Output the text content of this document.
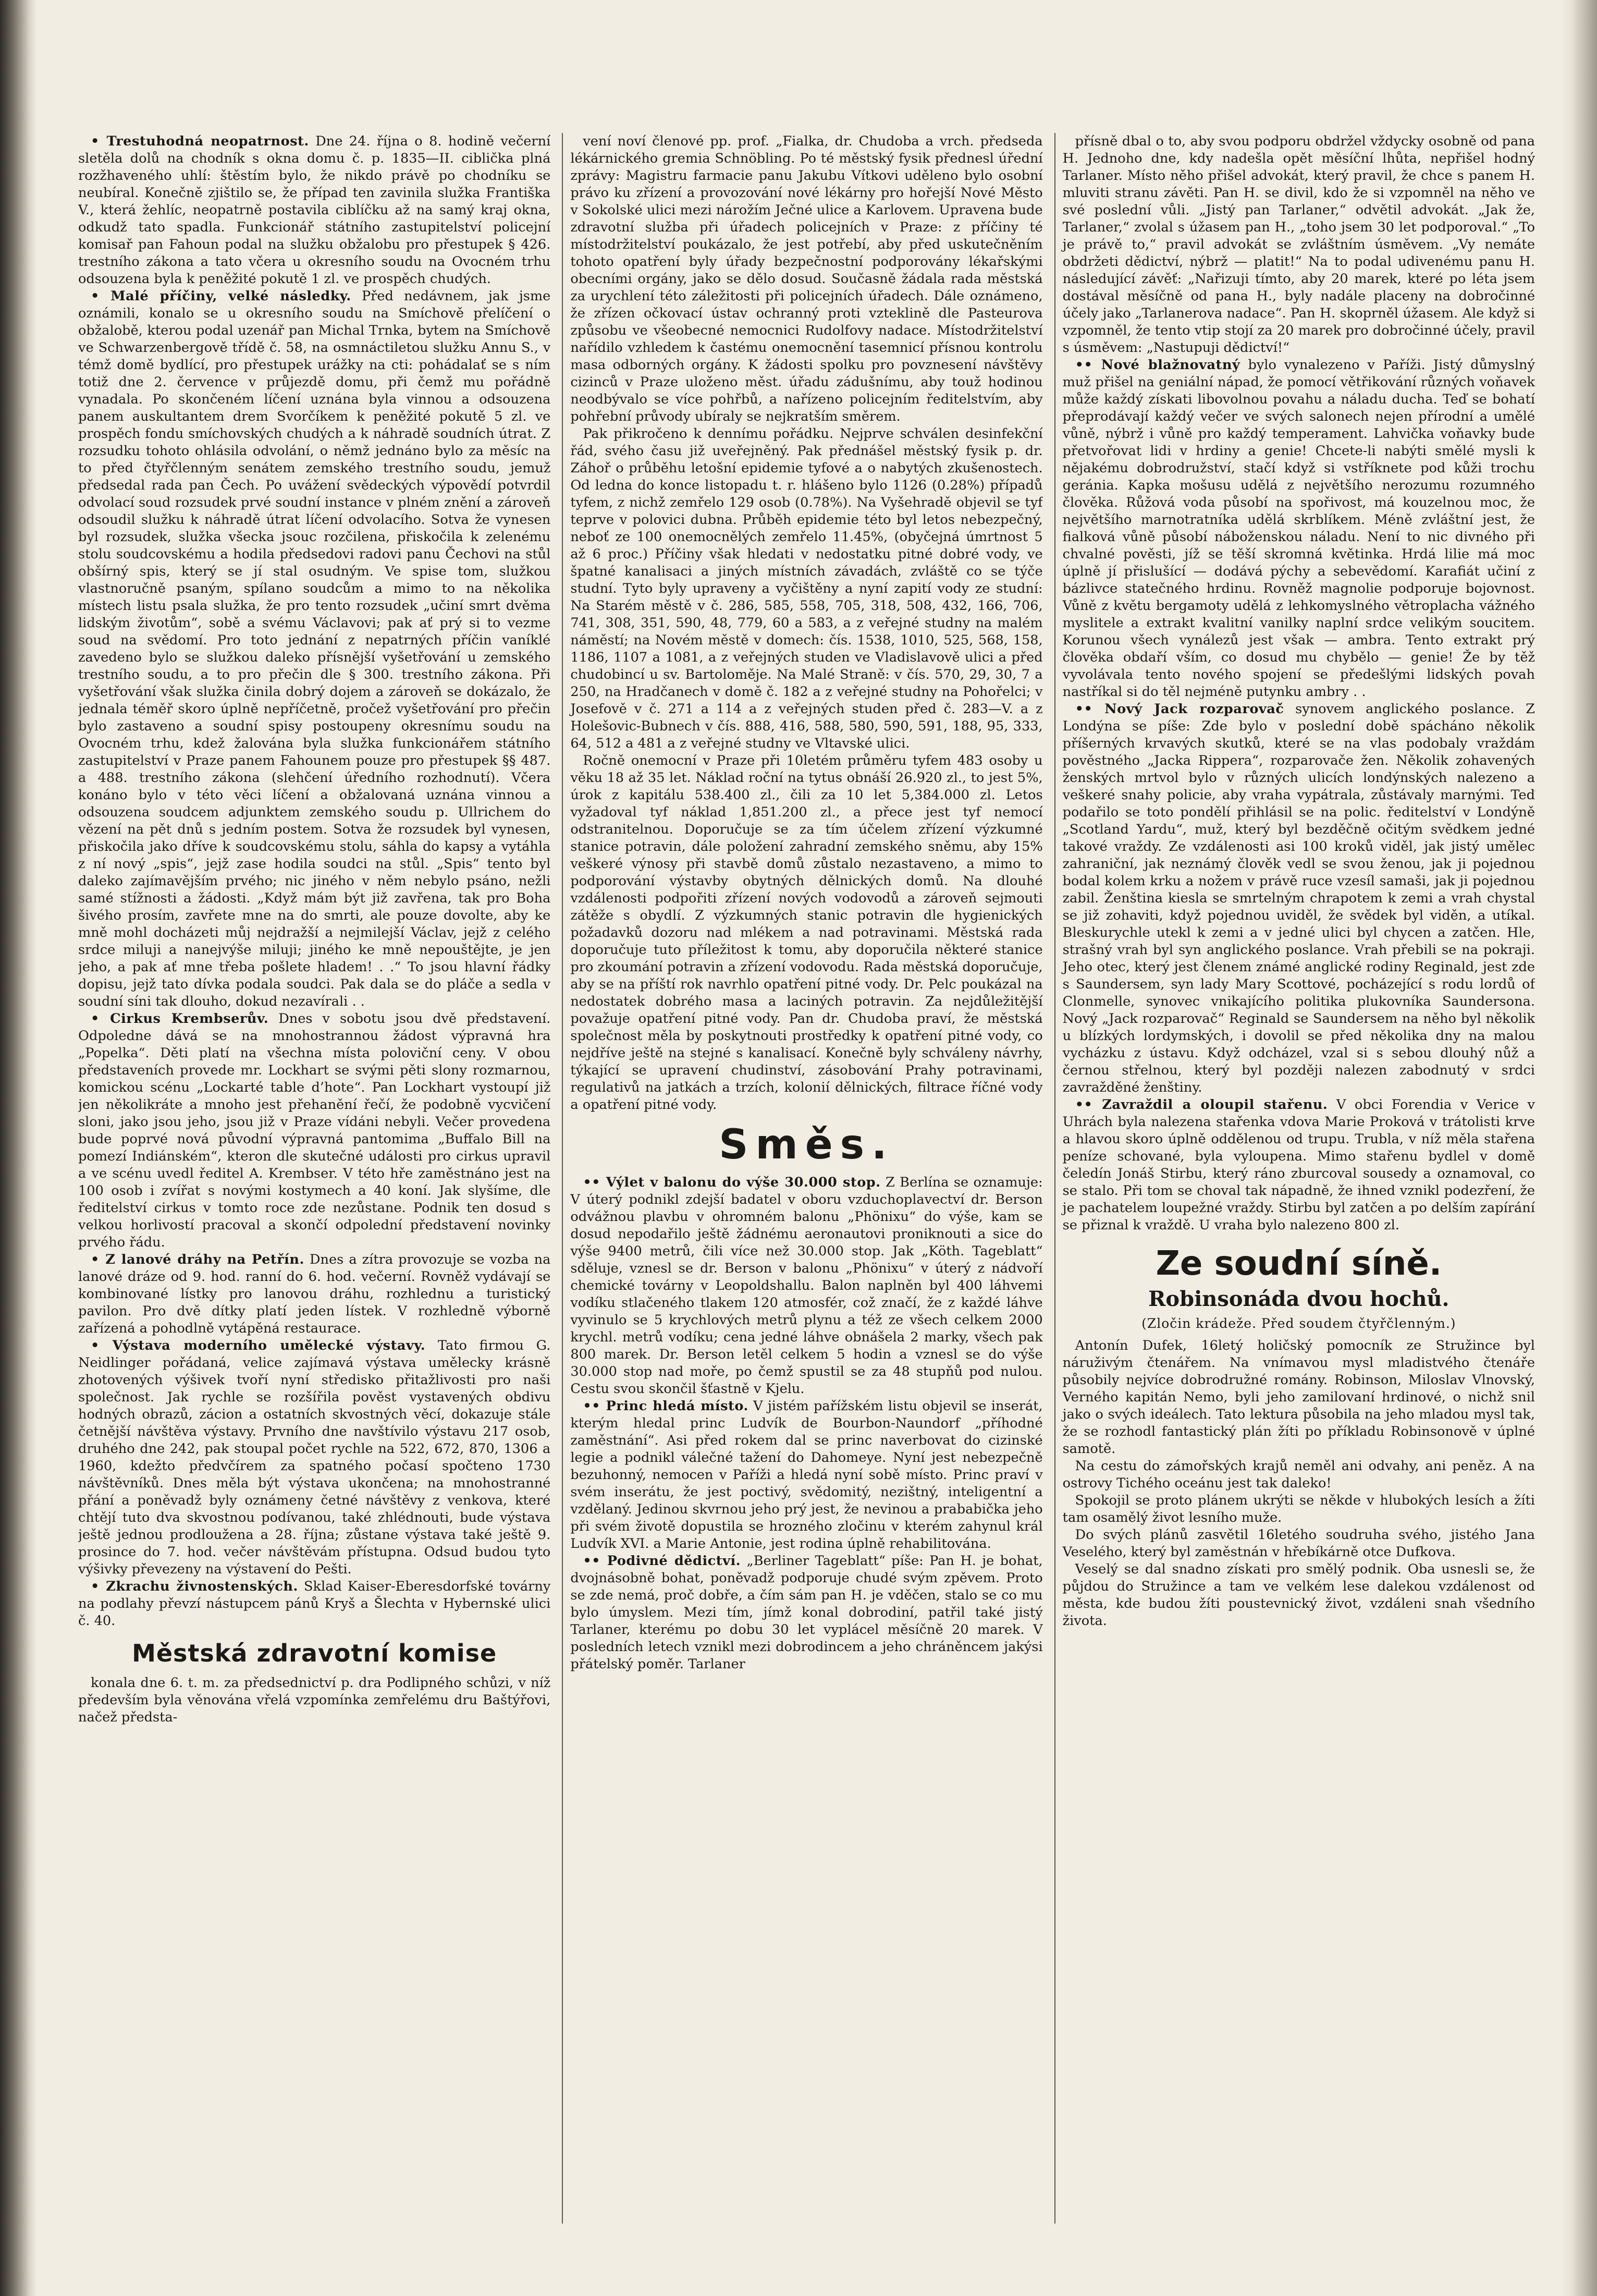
• Trestuhodná neopatrnost. Dne 24. října o 8. hodině večerní sletěla dolů na chodník s okna domu č. p. 1835—II. ciblička plná rozžhaveného uhlí: štěstím bylo, že nikdo právě po chodníku se neubíral. Konečně zjištilo se, že případ ten zavinila služka Františka V., která žehlíc, neopatrně postavila ciblíčku až na samý kraj okna, odkudž tato spadla. Funkcionář státního zastupitelství policejní komisař pan Fahoun podal na služku obžalobu pro přestupek § 426. trestního zákona a tato včera u okresního soudu na Ovocném trhu odsouzena byla k peněžité pokutě 1 zl. ve prospěch chudých.

• Malé příčiny, velké následky. Před nedávnem, jak jsme oznámili, konalo se u okresního soudu na Smíchově přelíčení o obžalobě, kterou podal uzenář pan Michal Trnka, bytem na Smíchově ve Schwarzenbergově třídě č. 58, na osmnáctiletou služku Annu S., v témž domě bydlící, pro přestupek urážky na cti: pohádalať se s ním totiž dne 2. července v průjezdě domu, při čemž mu pořádně vynadala. Po skončeném líčení uznána byla vinnou a odsouzena panem auskultantem drem Svorčíkem k peněžité pokutě 5 zl. ve prospěch fondu smíchovských chudých a k náhradě soudních útrat. Z rozsudku tohoto ohlásila odvolání, o němž jednáno bylo za měsíc na to před čtyřčlenným senátem zemského trestního soudu, jemuž předsedal rada pan Čech. Po uvážení svědeckých výpovědí potvrdil odvolací soud rozsudek prvé soudní instance v plném znění a zároveň odsoudil služku k náhradě útrat líčení odvolacího. Sotva že vynesen byl rozsudek, služka všecka jsouc rozčilena, přiskočila k zelenému stolu soudcovskému a hodila předsedovi radovi panu Čechovi na stůl obšírný spis, který se jí stal osudným. Ve spise tom, služkou vlastnoručně psaným, spílano soudcům a mimo to na několika místech listu psala služka, že pro tento rozsudek „učiní smrt dvěma lidským životům“, sobě a svému Václavovi; pak ať prý si to vezme soud na svědomí. Pro toto jednání z nepatrných příčin vaníklé zavedeno bylo se služkou daleko přísnější vyšetřování u zemského trestního soudu, a to pro přečin dle § 300. trestního zákona. Při vyšetřování však služka činila dobrý dojem a zároveň se dokázalo, že jednala téměř skoro úplně nepříčetně, pročež vyšetřování pro přečin bylo zastaveno a soudní spisy postoupeny okresnímu soudu na Ovocném trhu, kdež žalována byla služka funkcionářem státního zastupitelství v Praze panem Fahounem pouze pro přestupek §§ 487. a 488. trestního zákona (slehčení úředního rozhodnutí). Včera konáno bylo v této věci líčení a obžalovaná uznána vinnou a odsouzena soudcem adjunktem zemského soudu p. Ullrichem do vězení na pět dnů s jedním postem. Sotva že rozsudek byl vynesen, přiskočila jako dříve k soudcovskému stolu, sáhla do kapsy a vytáhla z ní nový „spis“, jejž zase hodila soudci na stůl. „Spis“ tento byl daleko zajímavějším prvého; nic jiného v něm nebylo psáno, nežli samé stížnosti a žádosti. „Když mám být již zavřena, tak pro Boha šivého prosím, zavřete mne na do smrti, ale pouze dovolte, aby ke mně mohl docházeti můj nejdražší a nejmilejší Václav, jejž z celého srdce miluji a nanejvýše miluji; jiného ke mně nepouštějte, je jen jeho, a pak ať mne třeba pošlete hladem! . .“ To jsou hlavní řádky dopisu, jejž tato dívka podala soudci. Pak dala se do pláče a sedla v soudní síni tak dlouho, dokud nezavírali . .

• Cirkus Krembserův. Dnes v sobotu jsou dvě představení. Odpoledne dává se na mnohostrannou žádost výpravná hra „Popelka“. Děti platí na všechna místa poloviční ceny. V obou představeních provede mr. Lockhart se svými pěti slony rozmarnou, komickou scénu „Lockarté table d’hote“. Pan Lockhart vystoupí již jen několikráte a mnoho jest přehanění řečí, že podobně vycvičení sloni, jako jsou jeho, jsou již v Praze vídáni nebyli. Večer provedena bude poprvé nová původní výpravná pantomima „Buffalo Bill na pomezí Indiánském“, kteron dle skutečné události pro cirkus upravil a ve scénu uvedl ředitel A. Krembser. V této hře zaměstnáno jest na 100 osob i zvířat s novými kostymech a 40 koní. Jak slyšíme, dle ředitelství cirkus v tomto roce zde nezůstane. Podnik ten dosud s velkou horlivostí pracoval a skončí odpolední představení novinky prvého řádu.

• Z lanové dráhy na Petřín. Dnes a zítra provozuje se vozba na lanové dráze od 9. hod. ranní do 6. hod. večerní. Rovněž vydávají se kombinované lístky pro lanovou dráhu, rozhlednu a turistický pavilon. Pro dvě dítky platí jeden lístek. V rozhledně výborně zařízená a pohodlně vytápěná restaurace.

• Výstava moderního umělecké výstavy. Tato firmou G. Neidlinger pořádaná, velice zajímavá výstava umělecky krásně zhotovených výšivek tvoří nyní středisko přitažlivosti pro naši společnost. Jak rychle se rozšířila pověst vystavených obdivu hodných obrazů, zácion a ostatních skvostných věcí, dokazuje stále četnější návštěva výstavy. Prvního dne navštívilo výstavu 217 osob, druhého dne 242, pak stoupal počet rychle na 522, 672, 870, 1306 a 1960, kdežto předvčírem za spatného počasí spočteno 1730 návštěvníků. Dnes měla být výstava ukončena; na mnohostranné přání a poněvadž byly oznámeny četné návštěvy z venkova, které chtějí tuto dva skvostnou podívanou, také zhlédnouti, bude výstava ještě jednou prodloužena a 28. října; zůstane výstava také ještě 9. prosince do 7. hod. večer návštěvám přístupna. Odsud budou tyto výšivky převezeny na výstavení do Pešti.

• Zkrachu živnostenských. Sklad Kaiser-Eberesdorfské továrny na podlahy převzí nástupcem pánů Kryš a Šlechta v Hybernské ulici č. 40.

Městská zdravotní komise

konala dne 6. t. m. za předsednictví p. dra Podlipného schůzi, v níž především byla věnována vřelá vzpomínka zemřelému dru Baštýřovi, načež předsta-

vení noví členové pp. prof. „Fialka, dr. Chudoba a vrch. předseda lékárnického gremia Schnöbling. Po té městský fysik přednesl úřední zprávy: Magistru farmacie panu Jakubu Vítkovi uděleno bylo osobní právo ku zřízení a provozování nové lékárny pro hořejší Nové Město v Sokolské ulici mezi nárožím Ječné ulice a Karlovem. Upravena bude zdravotní služba při úřadech policejních v Praze: z příčiny té místodržitelství poukázalo, že jest potřebí, aby před uskutečněním tohoto opatření byly úřady bezpečnostní podporovány lékařskými obecními orgány, jako se dělo dosud. Současně žádala rada městská za urychlení této záležitosti při policejních úřadech. Dále oznámeno, že zřízen očkovací ústav ochranný proti vzteklině dle Pasteurova způsobu ve všeobecné nemocnici Rudolfovy nadace. Místodržitelství nařídilo vzhledem k častému onemocnění tasemnicí přísnou kontrolu masa odborných orgány. K žádosti spolku pro povznesení návštěvy cizinců v Praze uloženo měst. úřadu zádušnímu, aby touž hodinou neodbývalo se více pohřbů, a nařízeno policejním ředitelstvím, aby pohřební průvody ubíraly se nejkratším směrem.

Pak přikročeno k dennímu pořádku. Nejprve schválen desinfekční řád, svého času již uveřejněný. Pak přednášel městský fysik p. dr. Záhoř o průběhu letošní epidemie tyfové a o nabytých zkušenostech. Od ledna do konce listopadu t. r. hlášeno bylo 1126 (0.28%) případů tyfem, z nichž zemřelo 129 osob (0.78%). Na Vyšehradě objevil se tyf teprve v polovici dubna. Průběh epidemie této byl letos nebezpečný, neboť ze 100 onemocnělých zemřelo 11.45%, (obyčejná úmrtnost 5 až 6 proc.) Příčiny však hledati v nedostatku pitné dobré vody, ve špatné kanalisaci a jiných místních závadách, zvláště co se týče studní. Tyto byly upraveny a vyčištěny a nyní zapití vody ze studní: Na Starém městě v č. 286, 585, 558, 705, 318, 508, 432, 166, 706, 741, 308, 351, 590, 48, 779, 60 a 583, a z veřejné studny na malém náměstí; na Novém městě v domech: čís. 1538, 1010, 525, 568, 158, 1186, 1107 a 1081, a z veřejných studen ve Vladislavově ulici a před chudobincí u sv. Bartoloměje. Na Malé Straně: v čís. 570, 29, 30, 7 a 250, na Hradčanech v domě č. 182 a z veřejné studny na Pohořelci; v Josefově v č. 271 a 114 a z veřejných studen před č. 283—V. a z Holešovic-Bubnech v čís. 888, 416, 588, 580, 590, 591, 188, 95, 333, 64, 512 a 481 a z veřejné studny ve Vltavské ulici.

Ročně onemocní v Praze při 10letém průměru tyfem 483 osoby u věku 18 až 35 let. Náklad roční na tytus obnáší 26.920 zl., to jest 5%, úrok z kapitálu 538.400 zl., čili za 10 let 5,384.000 zl. Letos vyžadoval tyf náklad 1,851.200 zl., a přece jest tyf nemocí odstranitelnou. Doporučuje se za tím účelem zřízení výzkumné stanice potravin, dále položení zahradní zemského sněmu, aby 15% veškeré výnosy při stavbě domů zůstalo nezastaveno, a mimo to podporování výstavby obytných dělnických domů. Na dlouhé vzdálenosti podpořiti zřízení nových vodovodů a zároveň sejmouti zátěže s obydlí. Z výzkumných stanic potravin dle hygienických požadavků dozoru nad mlékem a nad potravinami. Městská rada doporučuje tuto příležitost k tomu, aby doporučila některé stanice pro zkoumání potravin a zřízení vodovodu. Rada městská doporučuje, aby se na příští rok navrhlo opatření pitné vody. Dr. Pelc poukázal na nedostatek dobrého masa a laciných potravin. Za nejdůležitější považuje opatření pitné vody. Pan dr. Chudoba praví, že městská společnost měla by poskytnouti prostředky k opatření pitné vody, co nejdříve ještě na stejné s kanalisací. Konečně byly schváleny návrhy, týkající se upravení chudinství, zásobování Prahy potravinami, regulativů na jatkách a trzích, kolonií dělnických, filtrace říčné vody a opatření pitné vody.

Směs.

•• Výlet v balonu do výše 30.000 stop. Z Berlína se oznamuje: V úterý podnikl zdejší badatel v oboru vzduchoplavectví dr. Berson odvážnou plavbu v ohromném balonu „Phönixu“ do výše, kam se dosud nepodařilo ještě žádnému aeronautovi proniknouti a sice do výše 9400 metrů, čili více než 30.000 stop. Jak „Köth. Tageblatt“ sděluje, vznesl se dr. Berson v balonu „Phönixu“ v úterý z nádvoří chemické továrny v Leopoldshallu. Balon naplněn byl 400 láhvemi vodíku stlačeného tlakem 120 atmosfér, což značí, že z každé láhve vyvinulo se 5 krychlových metrů plynu a též ze všech celkem 2000 krychl. metrů vodíku; cena jedné láhve obnášela 2 marky, všech pak 800 marek. Dr. Berson letěl celkem 5 hodin a vznesl se do výše 30.000 stop nad moře, po čemž spustil se za 48 stupňů pod nulou. Cestu svou skončil šťastně v Kjelu.

•• Princ hledá místo. V jistém pařížském listu objevil se inserát, kterým hledal princ Ludvík de Bourbon-Naundorf „příhodné zaměstnání“. Asi před rokem dal se princ naverbovat do cizinské legie a podnikl válečné tažení do Dahomeye. Nyní jest nebezpečně bezuhonný, nemocen v Paříži a hledá nyní sobě místo. Princ praví v svém inserátu, že jest poctivý, svědomitý, nezištný, inteligentní a vzdělaný. Jedinou skvrnou jeho prý jest, že nevinou a prababička jeho při svém životě dopustila se hrozného zločinu v kterém zahynul král Ludvík XVI. a Marie Antonie, jest rodina úplně rehabilitována.

•• Podivné dědictví. „Berliner Tageblatt“ píše: Pan H. je bohat, dvojnásobně bohat, poněvadž podporuje chudé svým zpěvem. Proto se zde nemá, proč dobře, a čím sám pan H. je vděčen, stalo se co mu bylo úmyslem. Mezi tím, jímž konal dobrodiní, patřil také jistý Tarlaner, kterému po dobu 30 let vyplácel měsíčně 20 marek. V posledních letech vznikl mezi dobrodincem a jeho chráněncem jakýsi přátelský poměr. Tarlaner

přísně dbal o to, aby svou podporu obdržel vždycky osobně od pana H. Jednoho dne, kdy nadešla opět měsíční lhůta, nepřišel hodný Tarlaner. Místo něho přišel advokát, který pravil, že chce s panem H. mluviti stranu závěti. Pan H. se divil, kdo že si vzpomněl na něho ve své poslední vůli. „Jistý pan Tarlaner,“ odvětil advokát. „Jak že, Tarlaner,“ zvolal s úžasem pan H., „toho jsem 30 let podporoval.“ „To je právě to,“ pravil advokát se zvláštním úsměvem. „Vy nemáte obdržeti dědictví, nýbrž — platit!“ Na to podal udivenému panu H. následující závěť: „Nařizuji tímto, aby 20 marek, které po léta jsem dostával měsíčně od pana H., byly nadále placeny na dobročinné účely jako „Tarlanerova nadace“. Pan H. skoprněl úžasem. Ale když si vzpomněl, že tento vtip stojí za 20 marek pro dobročinné účely, pravil s úsměvem: „Nastupuji dědictví!“

•• Nové blažnovatný bylo vynalezeno v Paříži. Jistý důmyslný muž přišel na geniální nápad, že pomocí větřikování různých voňavek může každý získati libovolnou povahu a náladu ducha. Teď se bohatí přeprodávají každý večer ve svých salonech nejen přírodní a umělé vůně, nýbrž i vůně pro každý temperament. Lahvička voňavky bude přetvořovat lidi v hrdiny a genie! Chcete-li nabýti smělé mysli k nějakému dobrodružství, stačí když si vstříknete pod kůži trochu geránia. Kapka mošusu udělá z největšího nerozumu rozumného člověka. Růžová voda působí na spořivost, má kouzelnou moc, že největšího marnotratníka udělá skrblíkem. Méně zvláštní jest, že fialková vůně působí náboženskou náladu. Není to nic divného při chvalné pověsti, jíž se těší skromná květinka. Hrdá lilie má moc úplně jí přislušící — dodává pýchy a sebevědomí. Karafiát učiní z bázlivce statečného hrdinu. Rovněž magnolie podporuje bojovnost. Vůně z květu bergamoty udělá z lehkomyslného větroplacha vážného myslitele a extrakt kvalitní vanilky naplní srdce velikým soucitem. Korunou všech vynálezů jest však — ambra. Tento extrakt prý člověka obdaří vším, co dosud mu chybělo — genie! Že by těž vyvolávala tento nového spojení se předešlými lidských povah nastříkal si do těl nejméně putynku ambry . .

•• Nový Jack rozparovač synovem anglického poslance. Z Londýna se píše: Zde bylo v poslední době spácháno několik příšerných krvavých skutků, které se na vlas podobaly vraždám pověstného „Jacka Rippera“, rozparovače žen. Několik zohavených ženských mrtvol bylo v různých ulicích londýnských nalezeno a veškeré snahy policie, aby vraha vypátrala, zůstávaly marnými. Teď podařilo se toto pondělí přihlásil se na polic. ředitelství v Londýně „Scotland Yardu“, muž, který byl bezděčně očitým svědkem jedné takové vraždy. Ze vzdálenosti asi 100 kroků viděl, jak jistý umělec zahraniční, jak neznámý člověk vedl se svou ženou, jak ji pojednou bodal kolem krku a nožem v právě ruce vzesíl samaši, jak ji pojednou zabil. Ženština kiesla se smrtelným chrapotem k zemi a vrah chystal se již zohaviti, když pojednou uviděl, že svědek byl viděn, a utíkal. Bleskurychle utekl k zemi a v jedné ulici byl chycen a zatčen. Hle, strašný vrah byl syn anglického poslance. Vrah přebili se na pokraji. Jeho otec, který jest členem známé anglické rodiny Reginald, jest zde s Saundersem, syn lady Mary Scottové, pocházející s rodu lordů of Clonmelle, synovec vnikajícího politika plukovníka Saundersona. Nový „Jack rozparovač“ Reginald se Saundersem na něho byl několik u blízkých lordymských, i dovolil se před několika dny na malou vycházku z ústavu. Když odcházel, vzal si s sebou dlouhý nůž a černou střelnou, který byl později nalezen zabodnutý v srdci zavražděné ženštiny.

•• Zavraždil a oloupil stařenu. V obci Forendia v Verice v Uhrách byla nalezena stařenka vdova Marie Proková v trátolisti krve a hlavou skoro úplně oddělenou od trupu. Trubla, v níž měla stařena peníze schované, byla vyloupena. Mimo stařenu bydlel v domě čeledín Jonáš Stirbu, který ráno zburcoval sousedy a oznamoval, co se stalo. Při tom se choval tak nápadně, že ihned vznikl podezření, že je pachatelem loupežné vraždy. Stirbu byl zatčen a po delším zapírání se přiznal k vraždě. U vraha bylo nalezeno 800 zl.

Ze soudní síně.
Robinsonáda dvou hochů.
(Zločin krádeže. Před soudem čtyřčlenným.)

Antonín Dufek, 16letý holičský pomocník ze Stružince byl náruživým čtenářem. Na vnímavou mysl mladistvého čtenáře působily nejvíce dobrodružné romány. Robinson, Miloslav Vlnovský, Verného kapitán Nemo, byli jeho zamilovaní hrdinové, o nichž snil jako o svých ideálech. Tato lektura působila na jeho mladou mysl tak, že se rozhodl fantastický plán žíti po příkladu Robinsonově v úplné samotě.

Na cestu do zámořských krajů neměl ani odvahy, ani peněz. A na ostrovy Tichého oceánu jest tak daleko!

Spokojil se proto plánem ukrýti se někde v hlubokých lesích a žíti tam osamělý život lesního muže.

Do svých plánů zasvětil 16letého soudruha svého, jistého Jana Veselého, který byl zaměstnán v hřebíkárně otce Dufkova.

Veselý se dal snadno získati pro smělý podnik. Oba usnesli se, že půjdou do Stružince a tam ve velkém lese dalekou vzdálenost od města, kde budou žíti poustevnický život, vzdáleni snah všedního života.
